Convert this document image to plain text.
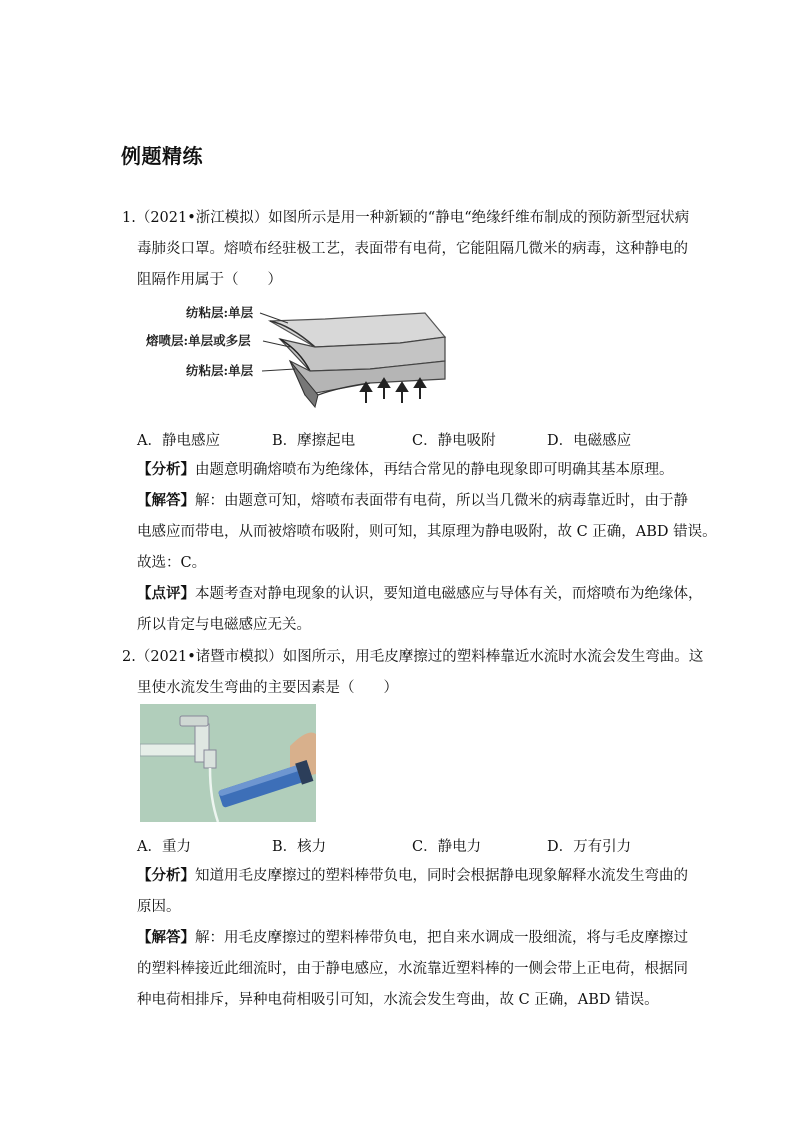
例题精练
1.（2021•浙江模拟）如图所示是用一种新颖的“静电“绝缘纤维布制成的预防新型冠状病
毒肺炎口罩。熔喷布经驻极工艺，表面带有电荷，它能阻隔几微米的病毒，这种静电的
阻隔作用属于（　　）
纺粘层:单层
熔喷层:单层或多层
纺粘层:单层
A．静电感应	B．摩擦起电	C．静电吸附	D．电磁感应
【分析】由题意明确熔喷布为绝缘体，再结合常见的静电现象即可明确其基本原理。
【解答】解：由题意可知，熔喷布表面带有电荷，所以当几微米的病毒靠近时，由于静
电感应而带电，从而被熔喷布吸附，则可知，其原理为静电吸附，故 C 正确，ABD 错误。
故选：C。
【点评】本题考查对静电现象的认识，要知道电磁感应与导体有关，而熔喷布为绝缘体，
所以肯定与电磁感应无关。
2.（2021•诸暨市模拟）如图所示，用毛皮摩擦过的塑料棒靠近水流时水流会发生弯曲。这
里使水流发生弯曲的主要因素是（　　）
A．重力	B．核力	C．静电力	D．万有引力
【分析】知道用毛皮摩擦过的塑料棒带负电，同时会根据静电现象解释水流发生弯曲的
原因。
【解答】解：用毛皮摩擦过的塑料棒带负电，把自来水调成一股细流，将与毛皮摩擦过
的塑料棒接近此细流时，由于静电感应，水流靠近塑料棒的一侧会带上正电荷，根据同
种电荷相排斥，异种电荷相吸引可知，水流会发生弯曲，故 C 正确，ABD 错误。
